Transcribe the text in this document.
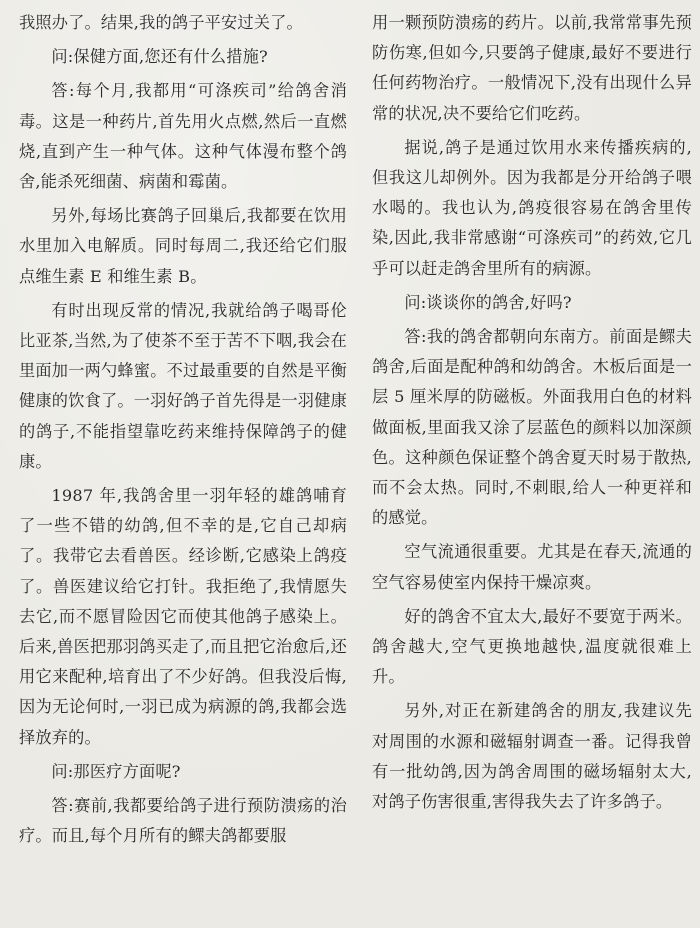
我照办了。结果,我的鸽子平安过关了。

问:保健方面,您还有什么措施?

答:每个月,我都用“可涤疾司”给鸽舍消毒。这是一种药片,首先用火点燃,然后一直燃烧,直到产生一种气体。这种气体漫布整个鸽舍,能杀死细菌、病菌和霉菌。

另外,每场比赛鸽子回巢后,我都要在饮用水里加入电解质。同时每周二,我还给它们服点维生素 E 和维生素 B。

有时出现反常的情况,我就给鸽子喝哥伦比亚茶,当然,为了使茶不至于苦不下咽,我会在里面加一两勺蜂蜜。不过最重要的自然是平衡健康的饮食了。一羽好鸽子首先得是一羽健康的鸽子,不能指望靠吃药来维持保障鸽子的健康。

1987 年,我鸽舍里一羽年轻的雄鸽哺育了一些不错的幼鸽,但不幸的是,它自己却病了。我带它去看兽医。经诊断,它感染上鸽疫了。兽医建议给它打针。我拒绝了,我情愿失去它,而不愿冒险因它而使其他鸽子感染上。后来,兽医把那羽鸽买走了,而且把它治愈后,还用它来配种,培育出了不少好鸽。但我没后悔,因为无论何时,一羽已成为病源的鸽,我都会选择放弃的。

问:那医疗方面呢?

答:赛前,我都要给鸽子进行预防溃疡的治疗。而且,每个月所有的鳏夫鸽都要服

用一颗预防溃疡的药片。以前,我常常事先预防伤寒,但如今,只要鸽子健康,最好不要进行任何药物治疗。一般情况下,没有出现什么异常的状况,决不要给它们吃药。

据说,鸽子是通过饮用水来传播疾病的,但我这儿却例外。因为我都是分开给鸽子喂水喝的。我也认为,鸽疫很容易在鸽舍里传染,因此,我非常感谢“可涤疾司”的药效,它几乎可以赶走鸽舍里所有的病源。

问:谈谈你的鸽舍,好吗?

答:我的鸽舍都朝向东南方。前面是鳏夫鸽舍,后面是配种鸽和幼鸽舍。木板后面是一层 5 厘米厚的防磁板。外面我用白色的材料做面板,里面我又涂了层蓝色的颜料以加深颜色。这种颜色保证整个鸽舍夏天时易于散热,而不会太热。同时,不刺眼,给人一种更祥和的感觉。

空气流通很重要。尤其是在春天,流通的空气容易使室内保持干燥凉爽。

好的鸽舍不宜太大,最好不要宽于两米。鸽舍越大,空气更换地越快,温度就很难上升。

另外,对正在新建鸽舍的朋友,我建议先对周围的水源和磁辐射调查一番。记得我曾有一批幼鸽,因为鸽舍周围的磁场辐射太大,对鸽子伤害很重,害得我失去了许多鸽子。
